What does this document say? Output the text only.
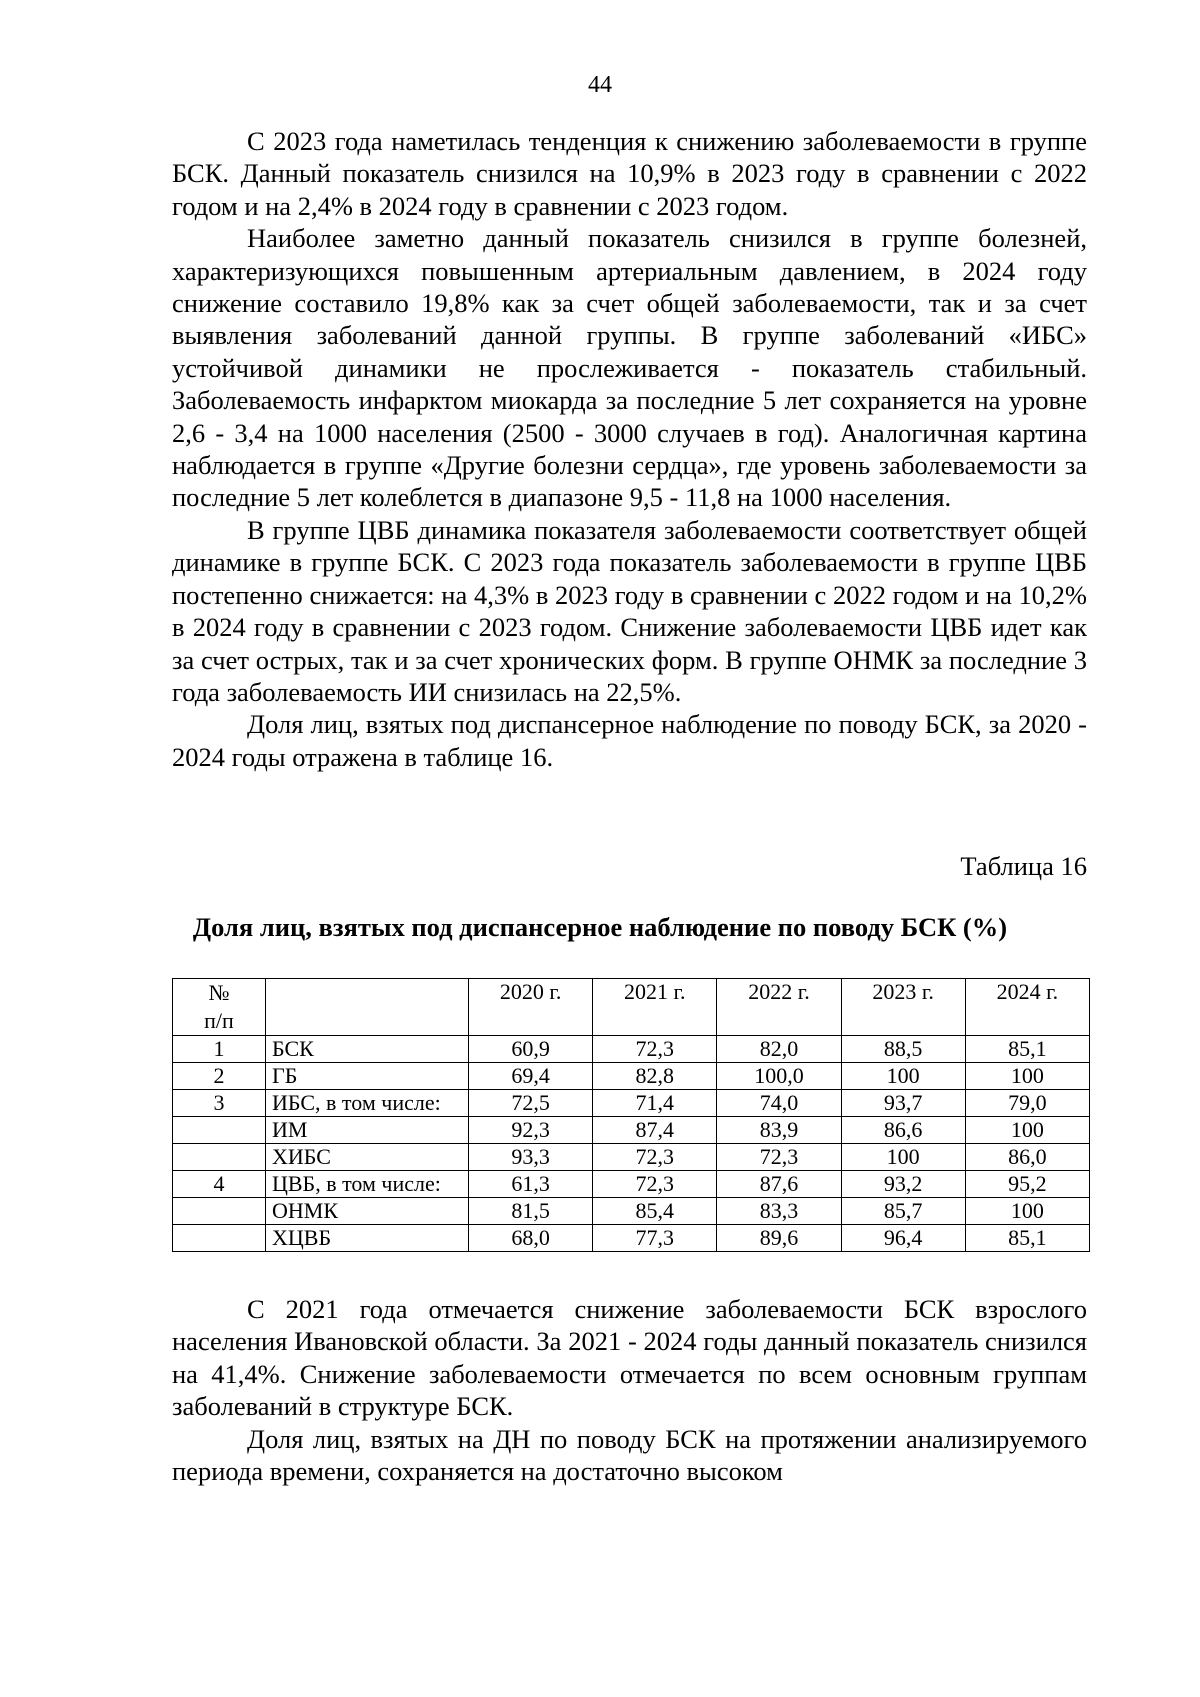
44

С 2023 года наметилась тенденция к снижению заболеваемости в группе БСК. Данный показатель снизился на 10,9% в 2023 году в сравнении с 2022 годом и на 2,4% в 2024 году в сравнении с 2023 годом.

Наиболее заметно данный показатель снизился в группе болезней, характеризующихся повышенным артериальным давлением, в 2024 году снижение составило 19,8% как за счет общей заболеваемости, так и за счет выявления заболеваний данной группы. В группе заболеваний «ИБС» устойчивой динамики не прослеживается - показатель стабильный. Заболеваемость инфарктом миокарда за последние 5 лет сохраняется на уровне 2,6 - 3,4 на 1000 населения (2500 - 3000 случаев в год). Аналогичная картина наблюдается в группе «Другие болезни сердца», где уровень заболеваемости за последние 5 лет колеблется в диапазоне 9,5 - 11,8 на 1000 населения.

В группе ЦВБ динамика показателя заболеваемости соответствует общей динамике в группе БСК. С 2023 года показатель заболеваемости в группе ЦВБ постепенно снижается: на 4,3% в 2023 году в сравнении с 2022 годом и на 10,2% в 2024 году в сравнении с 2023 годом. Снижение заболеваемости ЦВБ идет как за счет острых, так и за счет хронических форм. В группе ОНМК за последние 3 года заболеваемость ИИ снизилась на 22,5%.

Доля лиц, взятых под диспансерное наблюдение по поводу БСК, за 2020 - 2024 годы отражена в таблице 16.

Таблица 16
Доля лиц, взятых под диспансерное наблюдение по поводу БСК (%)
№
п/п		2020 г.	2021 г.	2022 г.	2023 г.	2024 г.
1	БСК	60,9	72,3	82,0	88,5	85,1
2	ГБ	69,4	82,8	100,0	100	100
3	ИБС, в том числе:	72,5	71,4	74,0	93,7	79,0
	ИМ	92,3	87,4	83,9	86,6	100
	ХИБС	93,3	72,3	72,3	100	86,0
4	ЦВБ, в том числе:	61,3	72,3	87,6	93,2	95,2
	ОНМК	81,5	85,4	83,3	85,7	100
	ХЦВБ	68,0	77,3	89,6	96,4	85,1

С 2021 года отмечается снижение заболеваемости БСК взрослого населения Ивановской области. За 2021 - 2024 годы данный показатель снизился на 41,4%. Снижение заболеваемости отмечается по всем основным группам заболеваний в структуре БСК.

Доля лиц, взятых на ДН по поводу БСК на протяжении анализируемого периода времени, сохраняется на достаточно высоком
